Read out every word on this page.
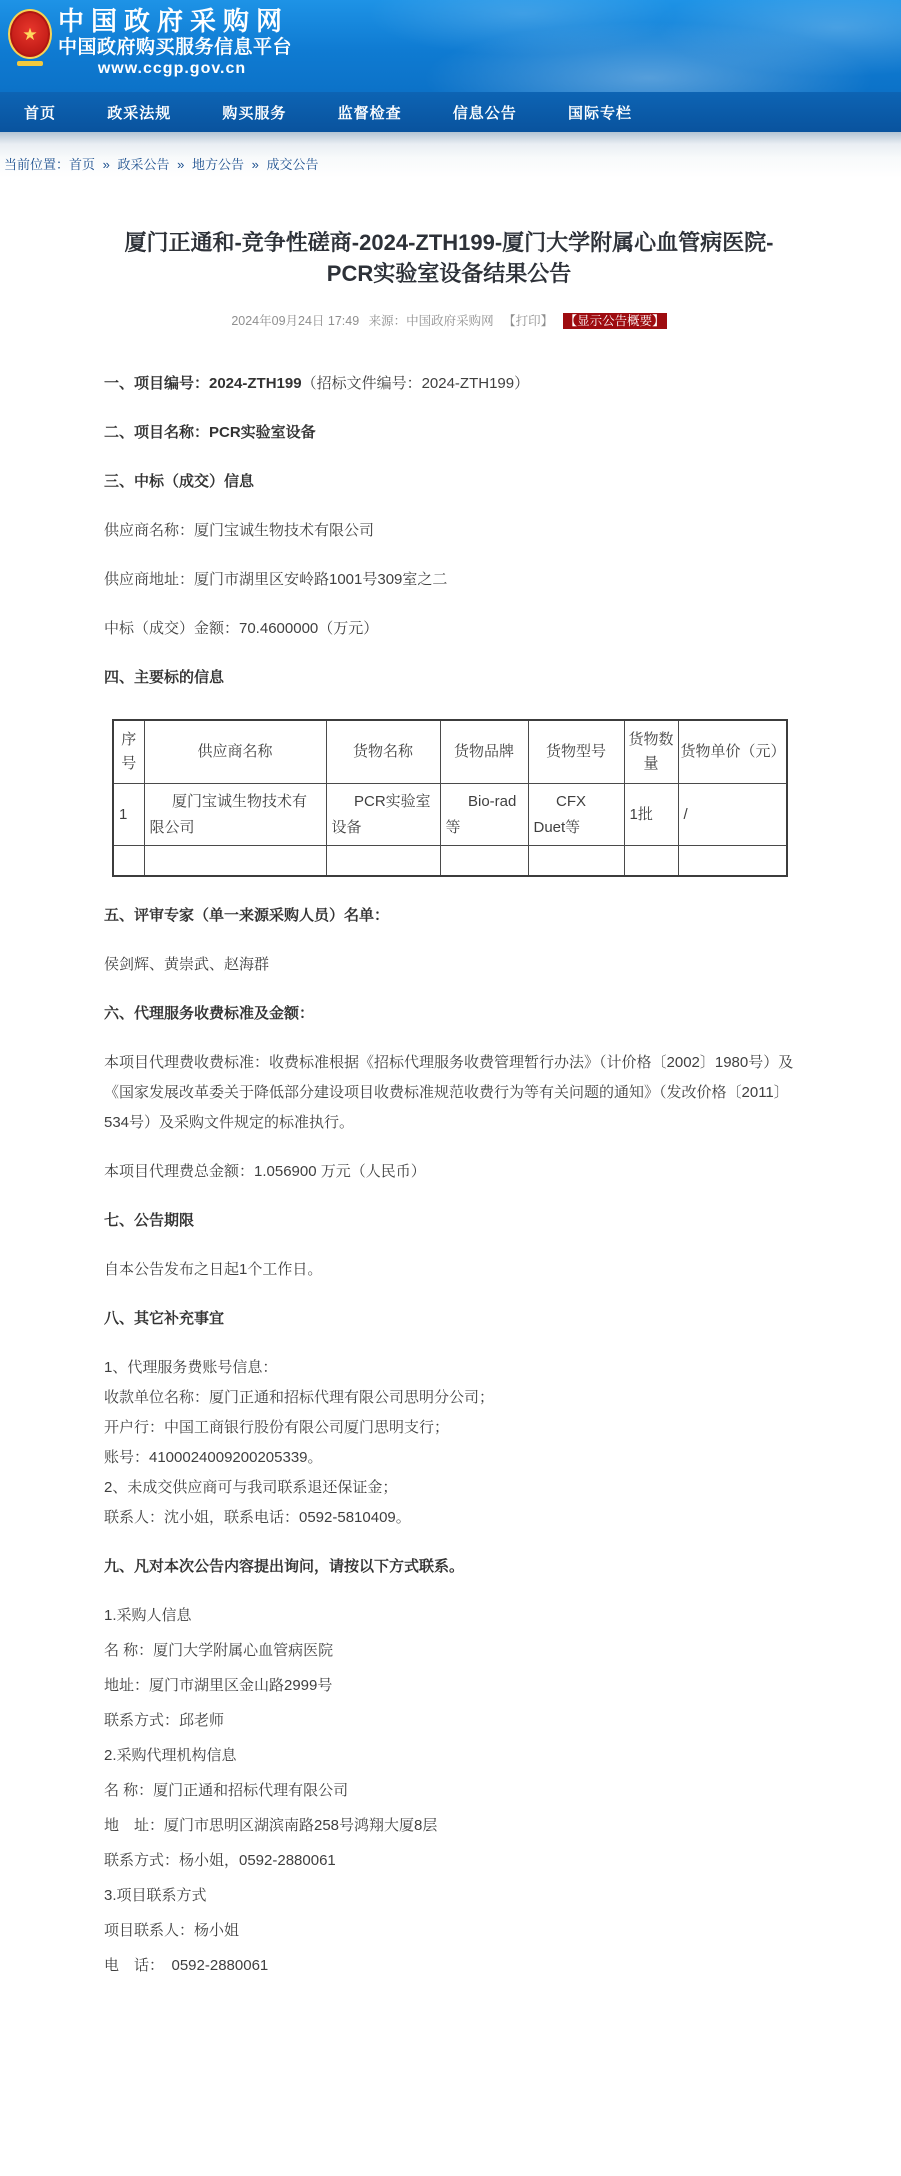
★ 中国政府采购网
中国政府购买服务信息平台
www.ccgp.gov.cn
首页	政采法规	购买服务	监督检查	信息公告	国际专栏
当前位置：首页 » 政采公告 » 地方公告 » 成交公告
厦门正通和-竞争性磋商-2024-ZTH199-厦门大学附属心血管病医院-PCR实验室设备结果公告
2024年09月24日 17:49 来源：中国政府采购网 【打印】 【显示公告概要】

一、项目编号：2024-ZTH199（招标文件编号：2024-ZTH199）

二、项目名称：PCR实验室设备

三、中标（成交）信息

供应商名称：厦门宝诚生物技术有限公司

供应商地址：厦门市湖里区安岭路1001号309室之二

中标（成交）金额：70.4600000（万元）

四、主要标的信息

序号	供应商名称	货物名称	货物品牌	货物型号	货物数量	货物单价（元）
1	厦门宝诚生物技术有限公司	PCR实验室设备	Bio-rad等	CFX Duet等	1批	/

五、评审专家（单一来源采购人员）名单：

侯剑辉、黄崇武、赵海群

六、代理服务收费标准及金额：

本项目代理费收费标准：收费标准根据《招标代理服务收费管理暂行办法》（计价格〔2002〕1980号）及《国家发展改革委关于降低部分建设项目收费标准规范收费行为等有关问题的通知》（发改价格〔2011〕534号）及采购文件规定的标准执行。

本项目代理费总金额：1.056900 万元（人民币）

七、公告期限

自本公告发布之日起1个工作日。

八、其它补充事宜

1、代理服务费账号信息：

收款单位名称：厦门正通和招标代理有限公司思明分公司；

开户行：中国工商银行股份有限公司厦门思明支行；

账号：4100024009200205339。

2、未成交供应商可与我司联系退还保证金；

联系人：沈小姐，联系电话：0592-5810409。

九、凡对本次公告内容提出询问，请按以下方式联系。

1.采购人信息

名 称：厦门大学附属心血管病医院

地址：厦门市湖里区金山路2999号

联系方式：邱老师

2.采购代理机构信息

名 称：厦门正通和招标代理有限公司

地　址：厦门市思明区湖滨南路258号鸿翔大厦8层

联系方式：杨小姐，0592-2880061

3.项目联系方式

项目联系人：杨小姐

电　话：　0592-2880061
